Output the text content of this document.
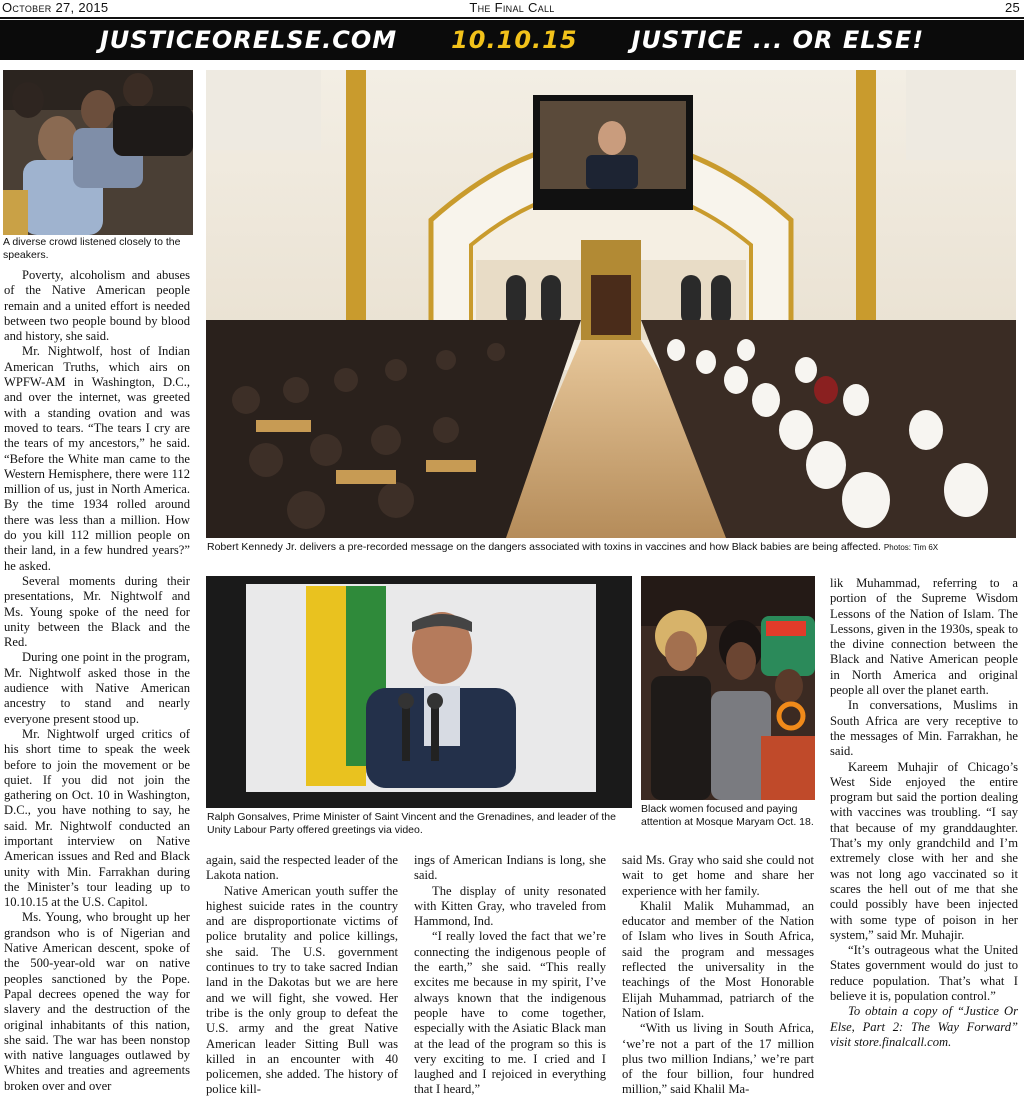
October 27, 2015	The Final Call	25
JUSTICEORELSE.COM 10.10.15 JUSTICE ... OR ELSE!
A diverse crowd listened closely to the speakers.
Robert Kennedy Jr. delivers a pre-recorded message on the dangers associated with toxins in vaccines and how Black babies are being affected. Photos: Tim 6X
Ralph Gonsalves, Prime Minister of Saint Vincent and the Grenadines, and leader of the Unity Labour Party offered greetings via video.
Black women focused and paying attention at Mosque Maryam Oct. 18.

Poverty, alcoholism and abuses of the Native American people remain and a united effort is needed between two people bound by blood and history, she said.

Mr. Nightwolf, host of Indian American Truths, which airs on WPFW-AM in Washington, D.C., and over the internet, was greeted with a standing ovation and was moved to tears. “The tears I cry are the tears of my ancestors,” he said. “Before the White man came to the Western Hemisphere, there were 112 million of us, just in North America. By the time 1934 rolled around there was less than a million. How do you kill 112 million people on their land, in a few hundred years?” he asked.

Several moments during their presentations, Mr. Nightwolf and Ms. Young spoke of the need for unity between the Black and the Red.

During one point in the program, Mr. Nightwolf asked those in the audience with Native American ancestry to stand and nearly everyone present stood up.

Mr. Nightwolf urged critics of his short time to speak the week before to join the movement or be quiet. If you did not join the gathering on Oct. 10 in Washington, D.C., you have nothing to say, he said. Mr. Nightwolf conducted an important interview on Native American issues and Red and Black unity with Min. Farrakhan during the Minister’s tour leading up to 10.10.15 at the U.S. Capitol.

Ms. Young, who brought up her grandson who is of Nigerian and Native American descent, spoke of the 500-year-old war on native peoples sanctioned by the Pope. Papal decrees opened the way for slavery and the destruction of the original inhabitants of this nation, she said. The war has been nonstop with native languages outlawed by Whites and treaties and agreements broken over and over

again, said the respected leader of the Lakota nation.

Native American youth suffer the highest suicide rates in the country and are disproportionate victims of police brutality and police killings, she said. The U.S. government continues to try to take sacred Indian land in the Dakotas but we are here and we will fight, she vowed. Her tribe is the only group to defeat the U.S. army and the great Native American leader Sitting Bull was killed in an encounter with 40 policemen, she added. The history of police kill-

ings of American Indians is long, she said.

The display of unity resonated with Kitten Gray, who traveled from Hammond, Ind.

“I really loved the fact that we’re connecting the indigenous people of the earth,” she said. “This really excites me because in my spirit, I’ve always known that the indigenous people have to come together, especially with the Asiatic Black man at the lead of the program so this is very exciting to me. I cried and I laughed and I rejoiced in everything that I heard,”

said Ms. Gray who said she could not wait to get home and share her experience with her family.

Khalil Malik Muhammad, an educator and member of the Nation of Islam who lives in South Africa, said the program and messages reflected the universality in the teachings of the Most Honorable Elijah Muhammad, patriarch of the Nation of Islam.

“With us living in South Africa, ‘we’re not a part of the 17 million plus two million Indians,’ we’re part of the four billion, four hundred million,” said Khalil Ma-

lik Muhammad, referring to a portion of the Supreme Wisdom Lessons of the Nation of Islam. The Lessons, given in the 1930s, speak to the divine connection between the Black and Native American people in North America and original people all over the planet earth.

In conversations, Muslims in South Africa are very receptive to the messages of Min. Farrakhan, he said.

Kareem Muhajir of Chicago’s West Side enjoyed the entire program but said the portion dealing with vaccines was troubling. “I say that because of my granddaughter. That’s my only grandchild and I’m extremely close with her and she was not long ago vaccinated so it scares the hell out of me that she could possibly have been injected with some type of poison in her system,” said Mr. Muhajir.

“It’s outrageous what the United States government would do just to reduce population. That’s what I believe it is, population control.”

To obtain a copy of “Justice Or Else, Part 2: The Way Forward” visit store.finalcall.com.
